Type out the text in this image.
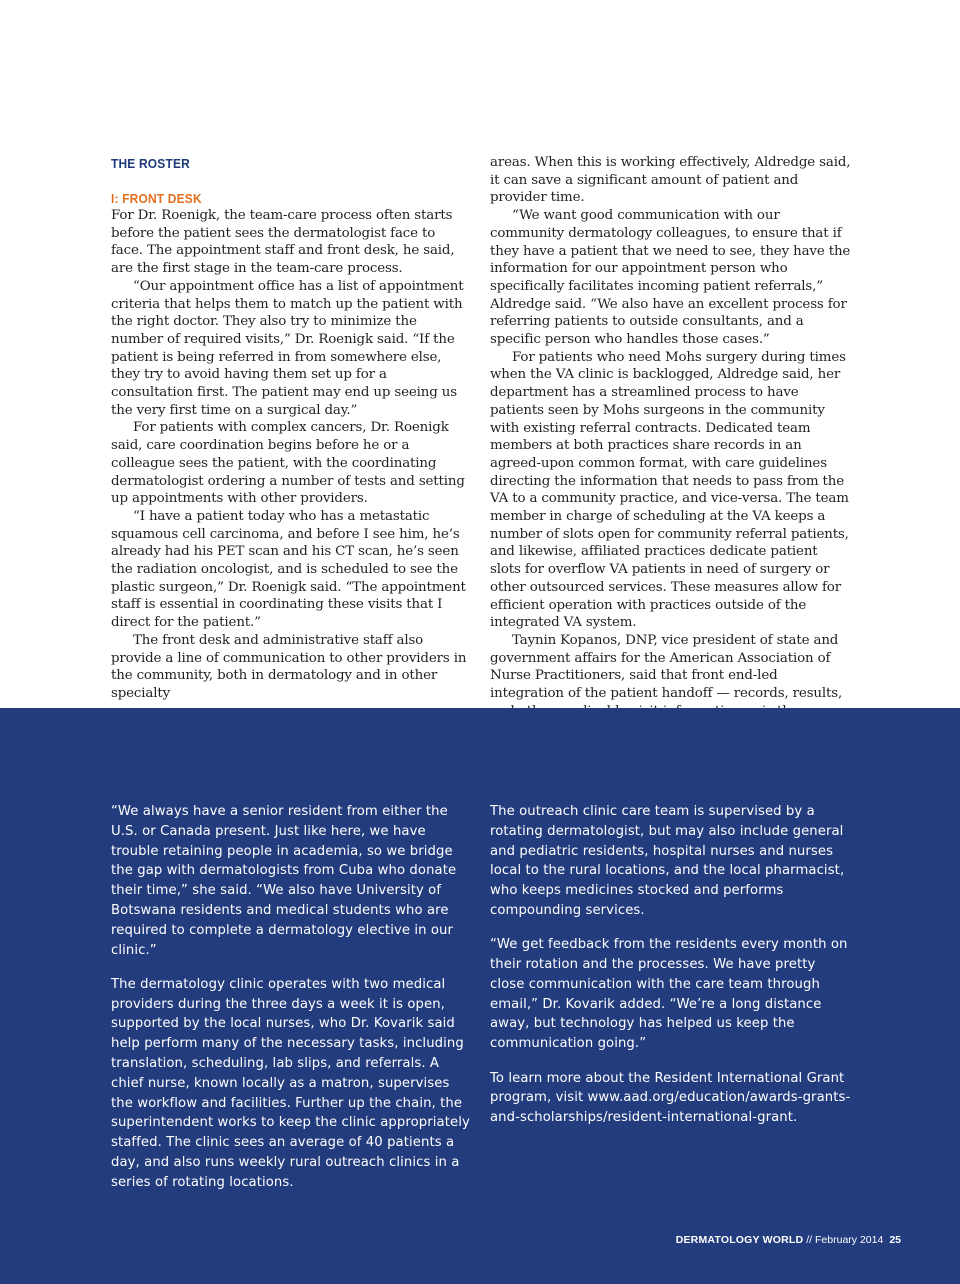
THE ROSTER
I: FRONT DESK

For Dr. Roenigk, the team-care process often starts before the patient sees the dermatologist face to face. The appointment staff and front desk, he said, are the first stage in the team-care process.

“Our appointment office has a list of appointment criteria that helps them to match up the patient with the right doctor. They also try to minimize the number of required visits,” Dr. Roenigk said. “If the patient is being referred in from somewhere else, they try to avoid having them set up for a consultation first. The patient may end up seeing us the very first time on a surgical day.”

For patients with complex cancers, Dr. Roenigk said, care coordination begins before he or a colleague sees the patient, with the coordinating dermatologist ordering a number of tests and setting up appointments with other providers.

“I have a patient today who has a metastatic squamous cell carcinoma, and before I see him, he’s already had his PET scan and his CT scan, he’s seen the radiation oncologist, and is scheduled to see the plastic surgeon,” Dr. Roenigk said. “The appointment staff is essential in coordinating these visits that I direct for the patient.”

The front desk and administrative staff also provide a line of communication to other providers in the community, both in dermatology and in other specialty

areas. When this is working effectively, Aldredge said, it can save a significant amount of patient and provider time.

“We want good communication with our community dermatology colleagues, to ensure that if they have a patient that we need to see, they have the information for our appointment person who specifically facilitates incoming patient referrals,” Aldredge said. “We also have an excellent process for referring patients to outside consultants, and a specific person who handles those cases.”

For patients who need Mohs surgery during times when the VA clinic is backlogged, Aldredge said, her department has a streamlined process to have patients seen by Mohs surgeons in the community with existing referral contracts. Dedicated team members at both practices share records in an agreed-upon common format, with care guidelines directing the information that needs to pass from the VA to a community practice, and vice-versa. The team member in charge of scheduling at the VA keeps a number of slots open for community referral patients, and likewise, affiliated practices dedicate patient slots for overflow VA patients in need of surgery or other outsourced services. These measures allow for efficient operation with practices outside of the integrated VA system.

Taynin Kopanos, DNP, vice president of state and government affairs for the American Association of Nurse Practitioners, said that front end-led integration of the patient handoff — records, results,

“We always have a senior resident from either the U.S. or Canada present. Just like here, we have trouble retaining people in academia, so we bridge the gap with dermatologists from Cuba who donate their time,” she said. “We also have University of Botswana residents and medical students who are required to complete a dermatology elective in our clinic.”

The dermatology clinic operates with two medical providers during the three days a week it is open, supported by the local nurses, who Dr. Kovarik said help perform many of the necessary tasks, including translation, scheduling, lab slips, and referrals. A chief nurse, known locally as a matron, supervises the workflow and facilities. Further up the chain, the superintendent works to keep the clinic appropriately staffed. The clinic sees an average of 40 patients a day, and also runs weekly rural outreach clinics in a series of rotating locations.

The outreach clinic care team is supervised by a rotating dermatologist, but may also include general and pediatric residents, hospital nurses and nurses local to the rural locations, and the local pharmacist, who keeps medicines stocked and performs compounding services.

“We get feedback from the residents every month on their rotation and the processes. We have pretty close communication with the care team through email,” Dr. Kovarik added. “We’re a long distance away, but technology has helped us keep the communication going.”

To learn more about the Resident International Grant program, visit www.aad.org/education/awards-grants-and-scholarships/resident-international-grant.

DERMATOLOGY WORLD // February 2014 25
